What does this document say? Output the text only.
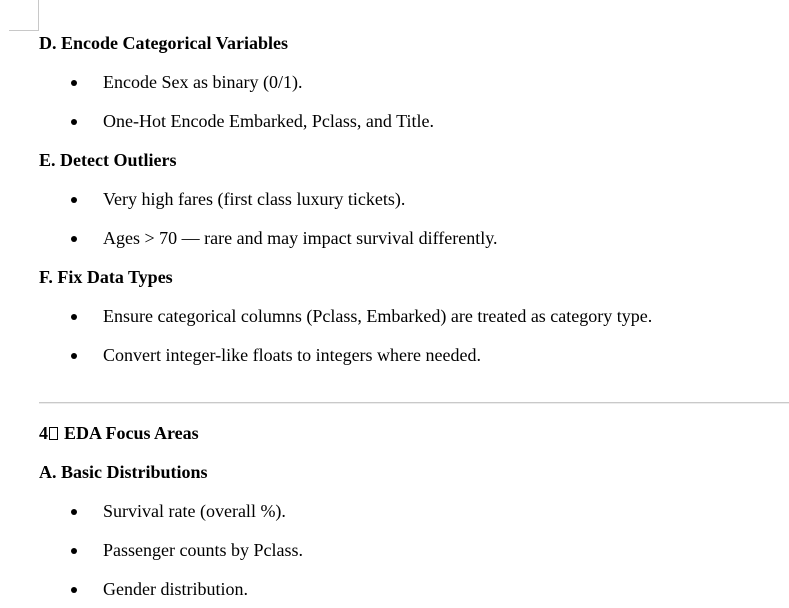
D. Encode Categorical Variables
Encode Sex as binary (0/1).
One-Hot Encode Embarked, Pclass, and Title.
E. Detect Outliers
Very high fares (first class luxury tickets).
Ages > 70 — rare and may impact survival differently.
F. Fix Data Types
Ensure categorical columns (Pclass, Embarked) are treated as category type.
Convert integer-like floats to integers where needed.
4 EDA Focus Areas
A. Basic Distributions
Survival rate (overall %).
Passenger counts by Pclass.
Gender distribution.
